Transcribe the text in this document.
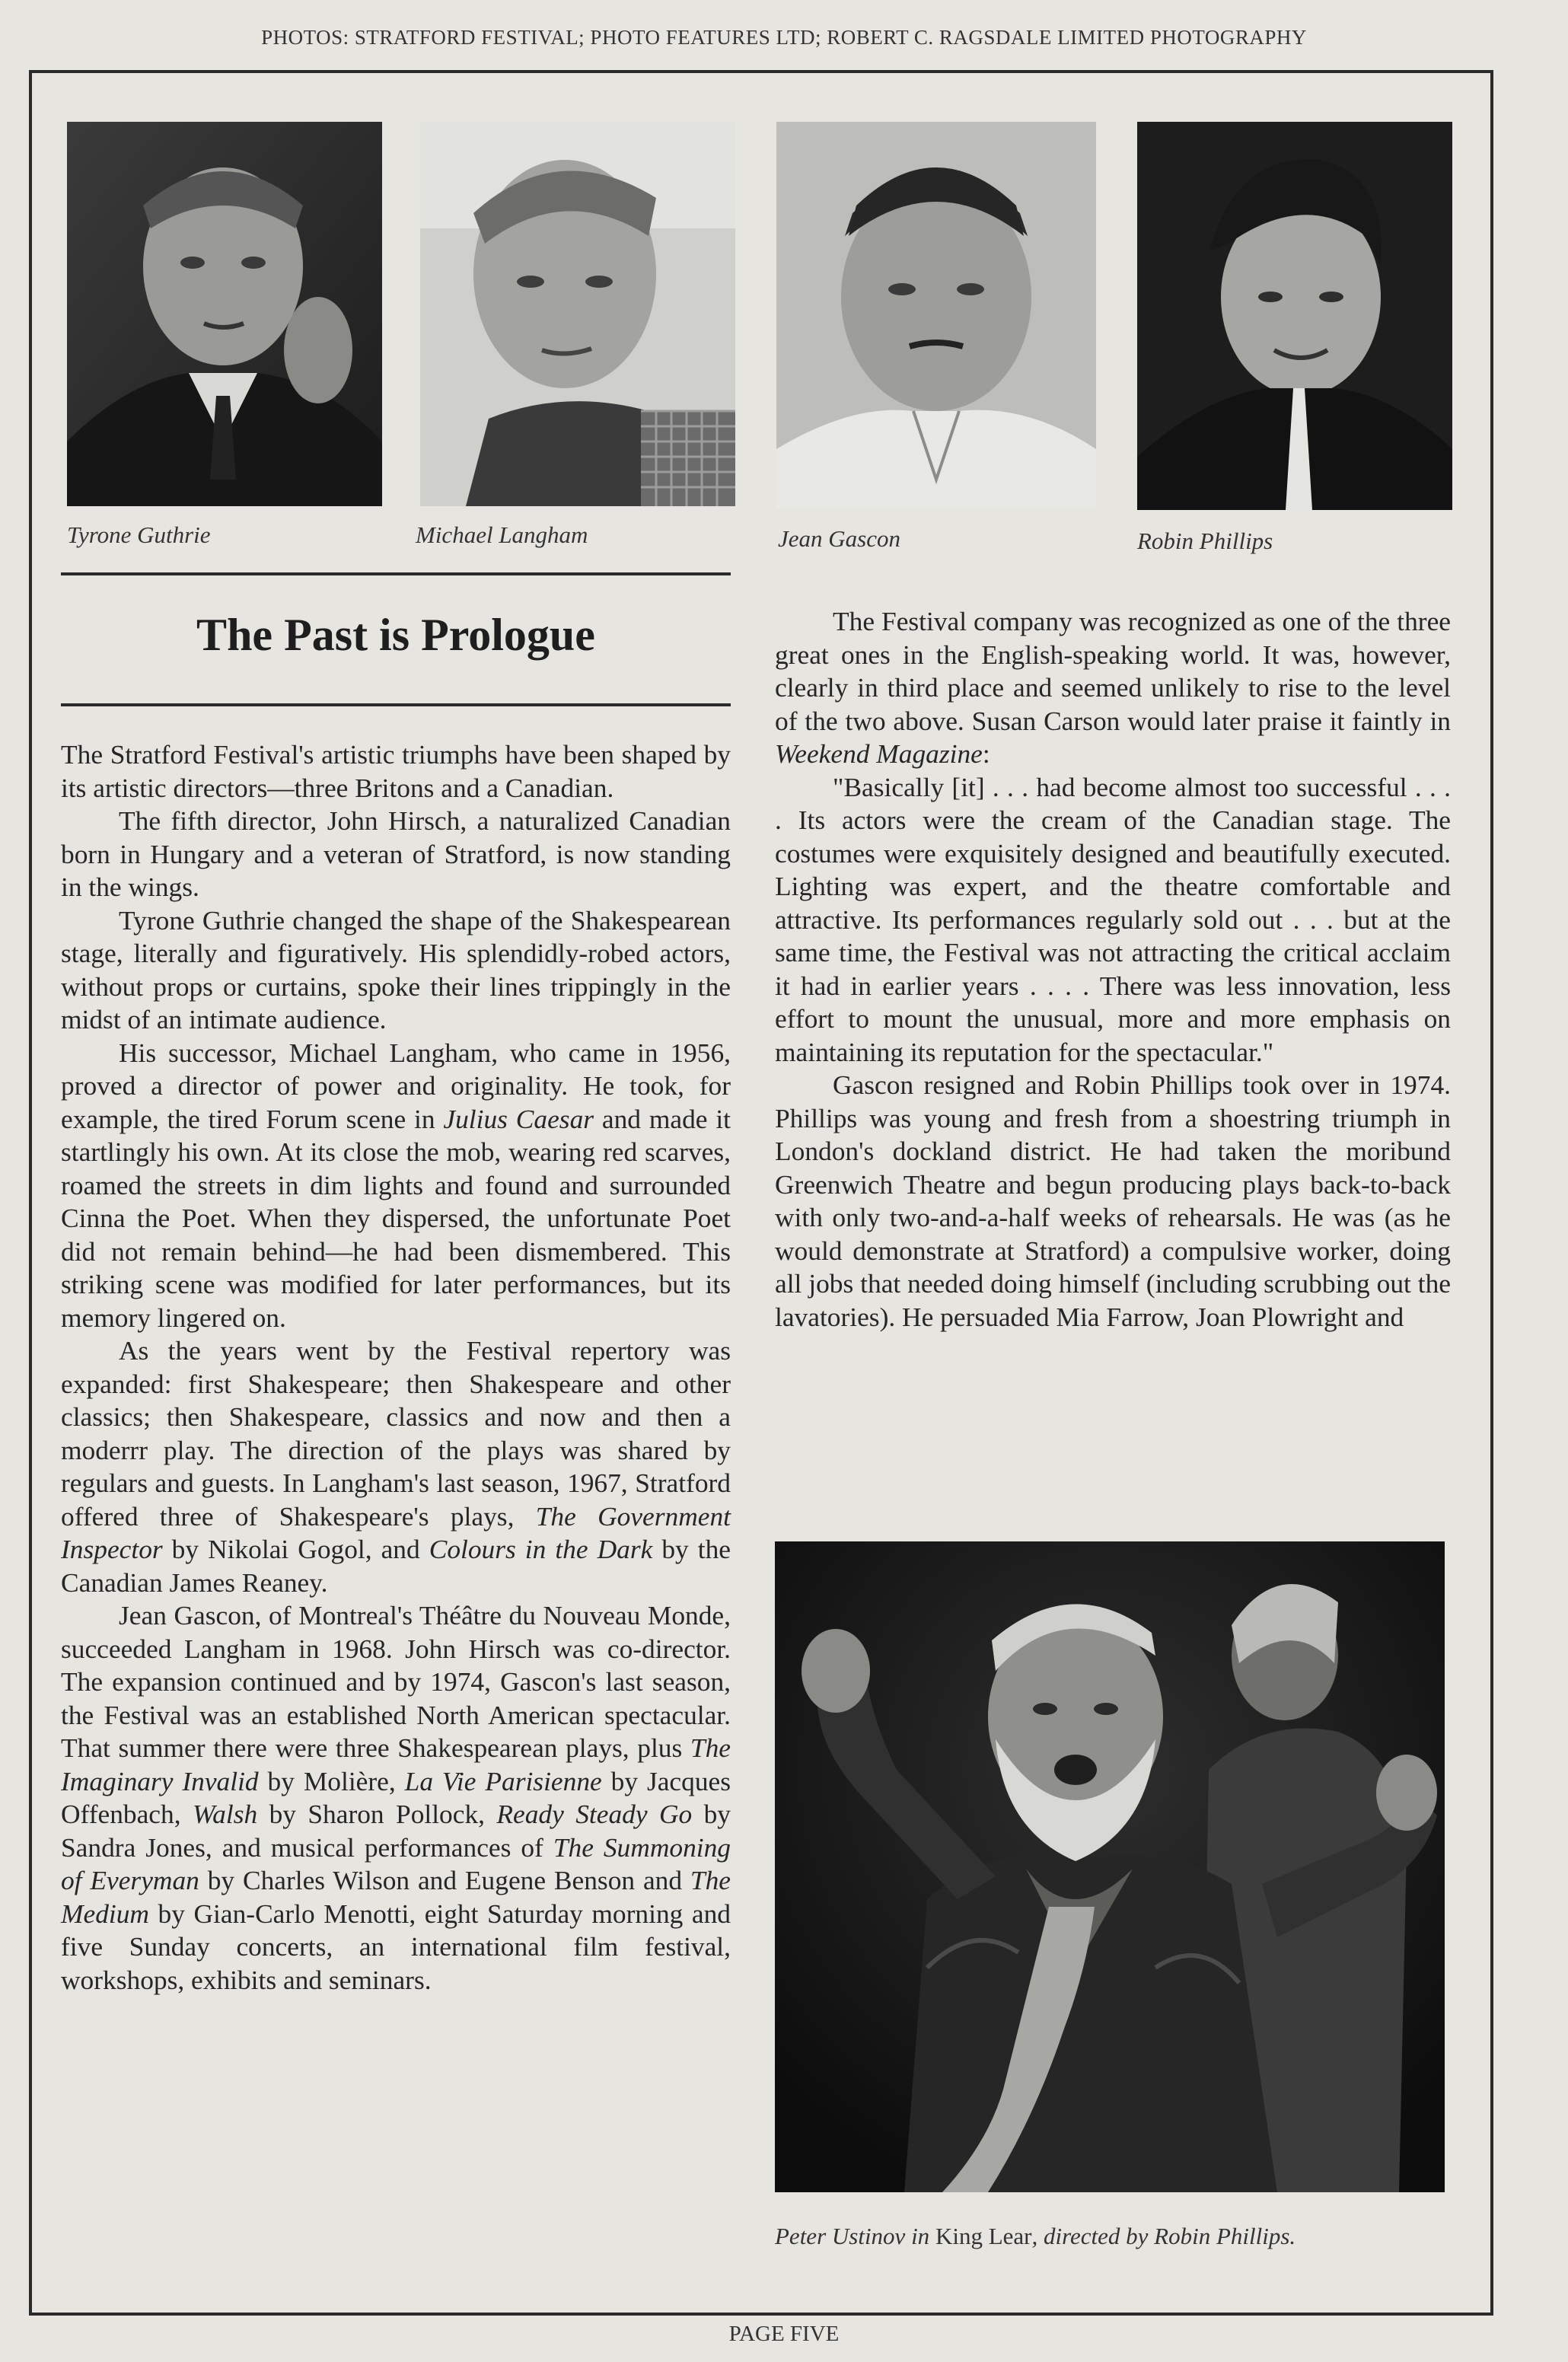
PHOTOS: STRATFORD FESTIVAL; PHOTO FEATURES LTD; ROBERT C. RAGSDALE LIMITED PHOTOGRAPHY
Tyrone Guthrie	Michael Langham	Jean Gascon	Robin Phillips
The Past is Prologue

The Stratford Festival's artistic triumphs have been shaped by its artistic directors—three Britons and a Canadian.

The fifth director, John Hirsch, a naturalized Canadian born in Hungary and a veteran of Stratford, is now standing in the wings.

Tyrone Guthrie changed the shape of the Shakespearean stage, literally and figuratively. His splendidly-robed actors, without props or curtains, spoke their lines trippingly in the midst of an intimate audience.

His successor, Michael Langham, who came in 1956, proved a director of power and originality. He took, for example, the tired Forum scene in Julius Caesar and made it startlingly his own. At its close the mob, wearing red scarves, roamed the streets in dim lights and found and surrounded Cinna the Poet. When they dispersed, the unfortunate Poet did not remain behind—he had been dismembered. This striking scene was modified for later performances, but its memory lingered on.

As the years went by the Festival repertory was expanded: first Shakespeare; then Shakespeare and other classics; then Shakespeare, classics and now and then a moderrr play. The direction of the plays was shared by regulars and guests. In Langham's last season, 1967, Stratford offered three of Shakespeare's plays, The Government Inspector by Nikolai Gogol, and Colours in the Dark by the Canadian James Reaney.

Jean Gascon, of Montreal's Théâtre du Nouveau Monde, succeeded Langham in 1968. John Hirsch was co-director. The expansion continued and by 1974, Gascon's last season, the Festival was an established North American spectacular. That summer there were three Shakespearean plays, plus The Imaginary Invalid by Molière, La Vie Parisienne by Jacques Offenbach, Walsh by Sharon Pollock, Ready Steady Go by Sandra Jones, and musical performances of The Summoning of Everyman by Charles Wilson and Eugene Benson and The Medium by Gian-Carlo Menotti, eight Saturday morning and five Sunday concerts, an international film festival, workshops, exhibits and seminars.

The Festival company was recognized as one of the three great ones in the English-speaking world. It was, however, clearly in third place and seemed unlikely to rise to the level of the two above. Susan Carson would later praise it faintly in Weekend Magazine:

"Basically [it] . . . had become almost too successful . . . . Its actors were the cream of the Canadian stage. The costumes were exquisitely designed and beautifully executed. Lighting was expert, and the theatre comfortable and attractive. Its performances regularly sold out . . . but at the same time, the Festival was not attracting the critical acclaim it had in earlier years . . . . There was less innovation, less effort to mount the unusual, more and more emphasis on maintaining its reputation for the spectacular."

Gascon resigned and Robin Phillips took over in 1974. Phillips was young and fresh from a shoestring triumph in London's dockland district. He had taken the moribund Greenwich Theatre and begun producing plays back-to-back with only two-and-a-half weeks of rehearsals. He was (as he would demonstrate at Stratford) a compulsive worker, doing all jobs that needed doing himself (including scrubbing out the lavatories). He persuaded Mia Farrow, Joan Plowright and

Peter Ustinov in King Lear, directed by Robin Phillips.
PAGE FIVE
